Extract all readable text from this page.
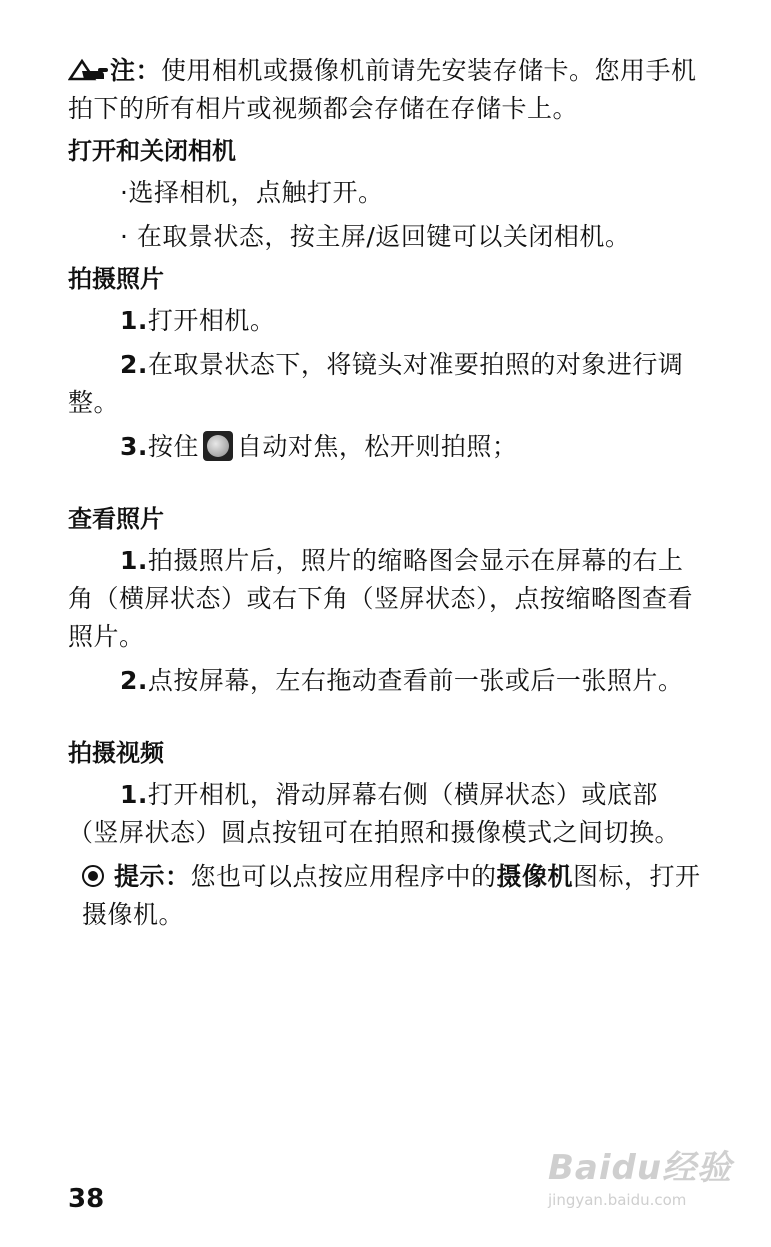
注：使用相机或摄像机前请先安装存储卡。您用手机拍下的所有相片或视频都会存储在存储卡上。

打开和关闭相机

·选择相机，点触打开。

· 在取景状态，按主屏/返回键可以关闭相机。

拍摄照片

1.打开相机。

2.在取景状态下，将镜头对准要拍照的对象进行调整。

3.按住 自动对焦，松开则拍照；

查看照片

1.拍摄照片后，照片的缩略图会显示在屏幕的右上角（横屏状态）或右下角（竖屏状态），点按缩略图查看照片。

2.点按屏幕，左右拖动查看前一张或后一张照片。

拍摄视频

1.打开相机，滑动屏幕右侧（横屏状态）或底部（竖屏状态）圆点按钮可在拍照和摄像模式之间切换。

提示：您也可以点按应用程序中的摄像机图标，打开摄像机。

38
Baidu经验
jingyan.baidu.com
